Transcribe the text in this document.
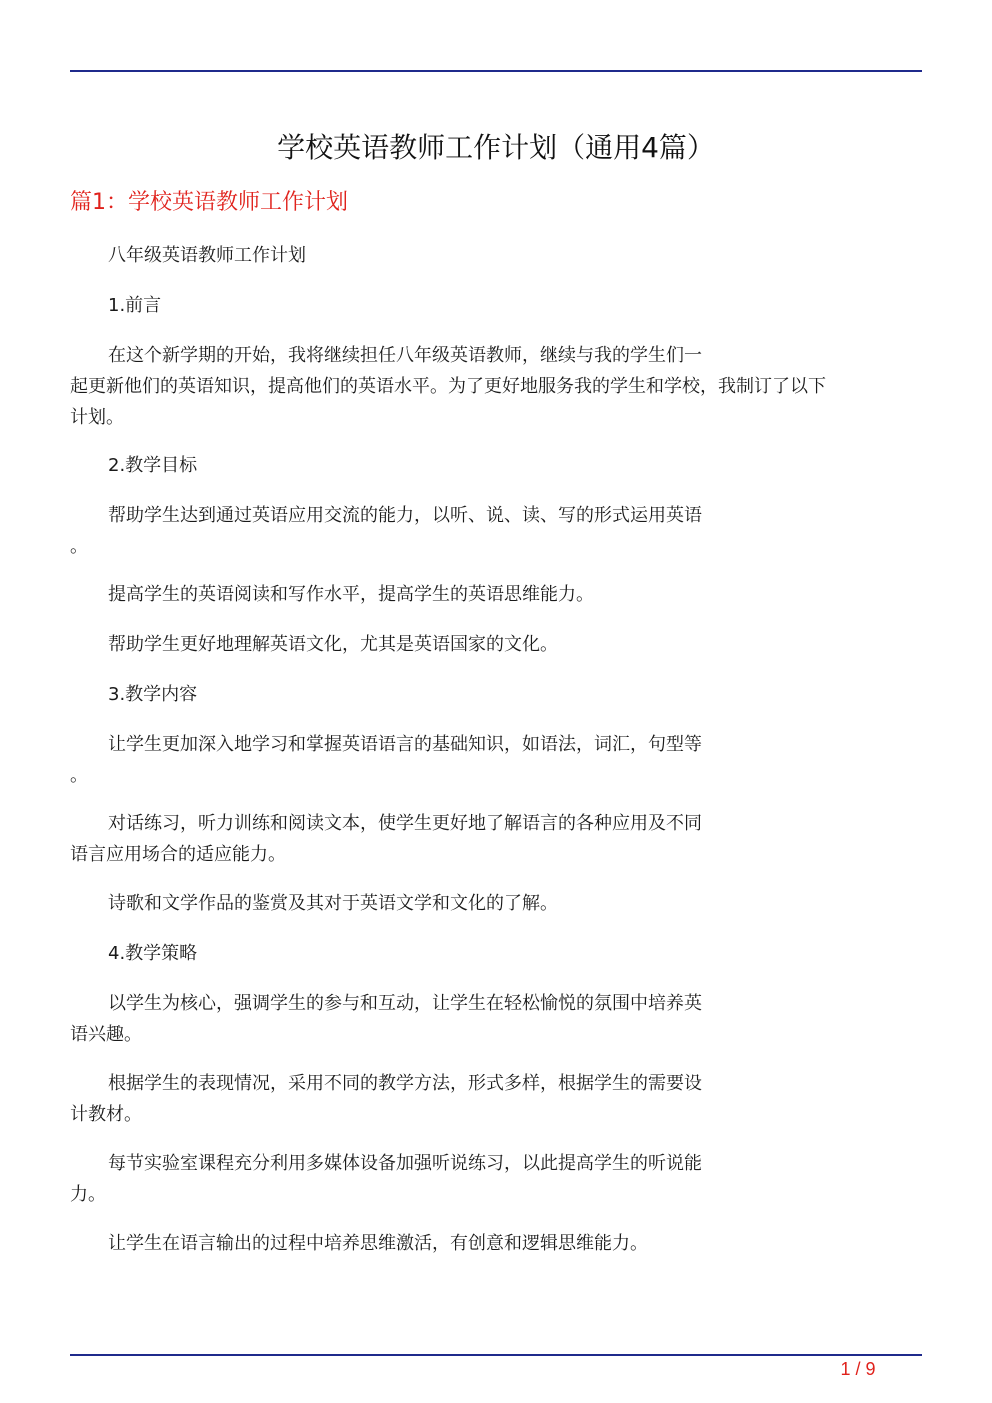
学校英语教师工作计划（通用4篇）
篇1：学校英语教师工作计划
八年级英语教师工作计划
1.前言
在这个新学期的开始，我将继续担任八年级英语教师，继续与我的学生们一
起更新他们的英语知识，提高他们的英语水平。为了更好地服务我的学生和学校，我制订了以下
计划。
2.教学目标
帮助学生达到通过英语应用交流的能力，以听、说、读、写的形式运用英语
。
提高学生的英语阅读和写作水平，提高学生的英语思维能力。
帮助学生更好地理解英语文化，尤其是英语国家的文化。
3.教学内容
让学生更加深入地学习和掌握英语语言的基础知识，如语法，词汇，句型等
。
对话练习，听力训练和阅读文本，使学生更好地了解语言的各种应用及不同
语言应用场合的适应能力。
诗歌和文学作品的鉴赏及其对于英语文学和文化的了解。
4.教学策略
以学生为核心，强调学生的参与和互动，让学生在轻松愉悦的氛围中培养英
语兴趣。
根据学生的表现情况，采用不同的教学方法，形式多样，根据学生的需要设
计教材。
每节实验室课程充分利用多媒体设备加强听说练习，以此提高学生的听说能
力。
让学生在语言输出的过程中培养思维激活，有创意和逻辑思维能力。
1 / 9
